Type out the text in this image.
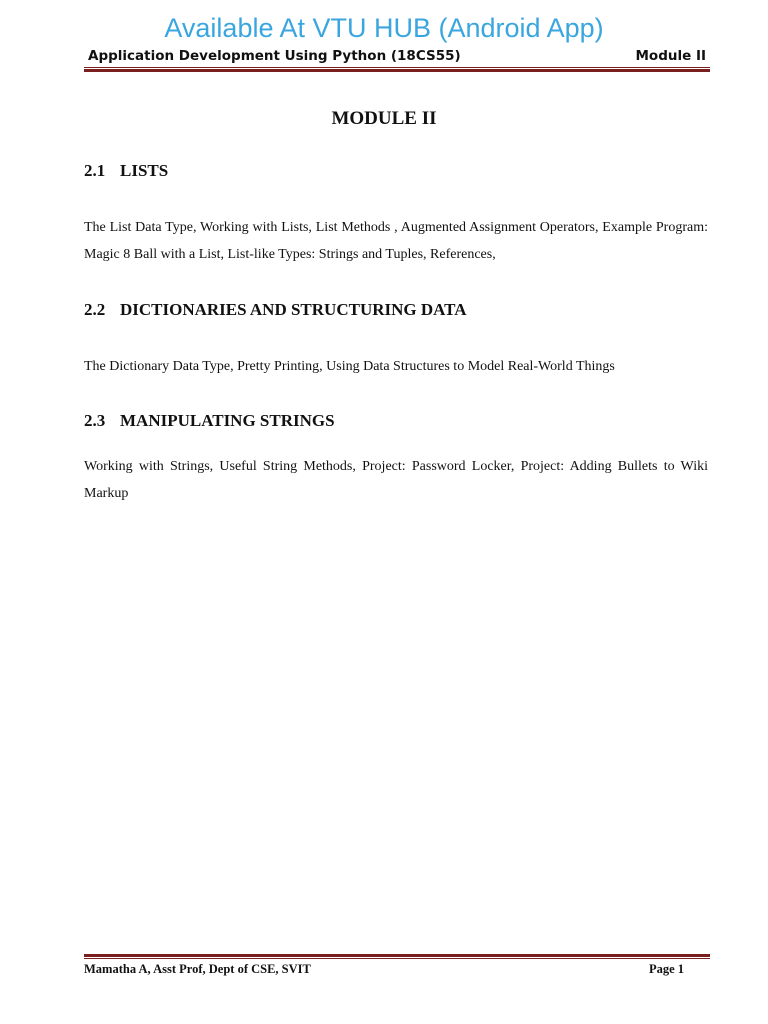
Available At VTU HUB (Android App)
Application Development Using Python (18CS55)	Module II
MODULE II
2.1 LISTS
The List Data Type, Working with Lists, List Methods , Augmented Assignment Operators, Example Program: Magic 8 Ball with a List, List-like Types: Strings and Tuples, References,
2.2 DICTIONARIES AND STRUCTURING DATA
The Dictionary Data Type, Pretty Printing, Using Data Structures to Model Real-World Things
2.3 MANIPULATING STRINGS
Working with Strings, Useful String Methods, Project: Password Locker, Project: Adding Bullets to Wiki Markup
Mamatha A, Asst Prof, Dept of CSE, SVIT	Page 1
